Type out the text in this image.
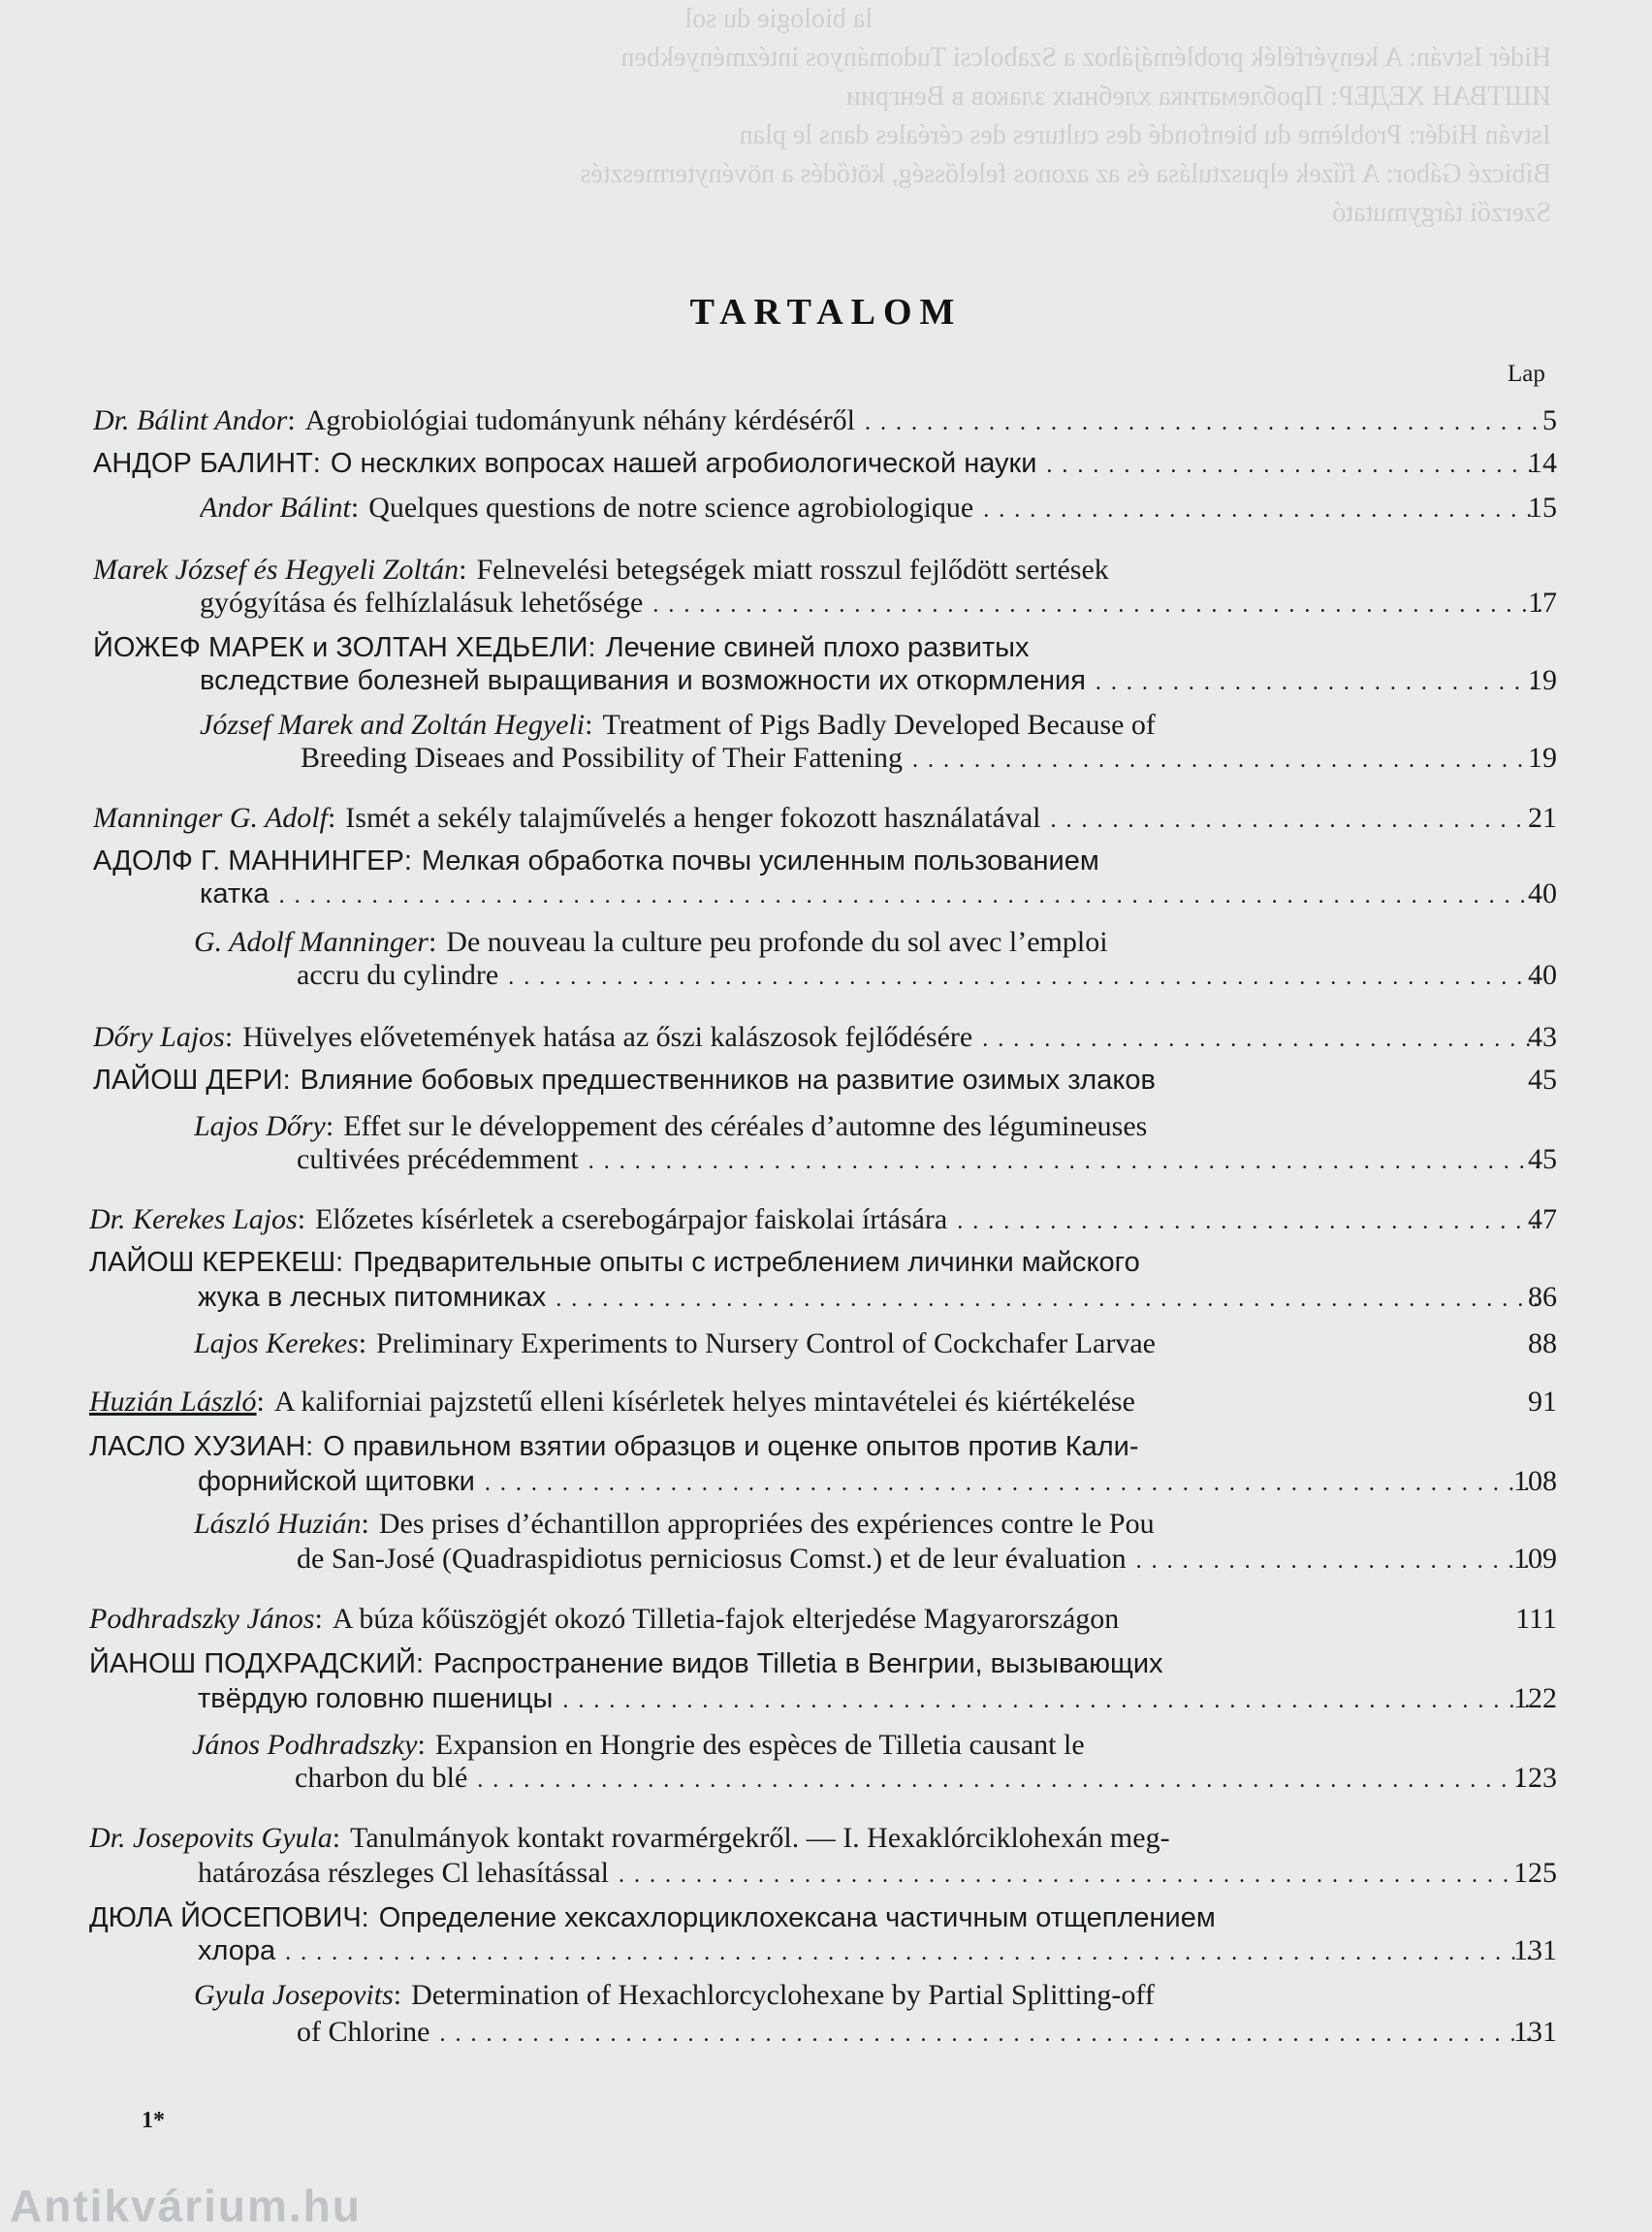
la biologie du sol
Hidér István: A kenyérfélék problémájához a Szabolcsi Tudományos intézményekben
ИШТВАН ХЕДЕР: Проблематика хлебных злаков в Венгрии
István Hidér: Problème du bienfondé des cultures des céréales dans le plan
Bíbiczé Gábor: A fűzek elpusztulása és az azonos felelősség, kötődés a növénytermesztés
Szerzői tárgymutató
TARTALOM
Lap
Dr. Bálint Andor : Agrobiológiai tudományunk néhány kérdéséről . . .	5
АНДОР БАЛИНТ : О несклких вопросах нашей агробиологической науки . . .	14
Andor Bálint : Quelques questions de notre science agrobiologique . . .	15
Marek József és Hegyeli Zoltán : Felnevelési betegségek miatt rosszul fejlődött sertések
gyógyítása és felhízlalásuk lehetősége . . .	17
ЙОЖЕФ МАРЕК и ЗОЛТАН ХЕДЬЕЛИ : Лечение свиней плохо развитых
вследствие болезней выращивания и возможности их откормления . . .	19
József Marek and Zoltán Hegyeli : Treatment of Pigs Badly Developed Because of
Breeding Diseaes and Possibility of Their Fattening . . .	19
Manninger G. Adolf : Ismét a sekély talajművelés a henger fokozott használatával . . .	21
АДОЛФ Г. МАННИНГЕР : Мелкая обработка почвы усиленным пользованием
катка . . .	40
G. Adolf Manninger : De nouveau la culture peu profonde du sol avec l’emploi
accru du cylindre . . .	40
Dőry Lajos : Hüvelyes elővetemények hatása az őszi kalászosok fejlődésére . . .	43
ЛАЙОШ ДЕРИ : Влияние бобовых предшественников на развитие озимых злаков	45
Lajos Dőry : Effet sur le développement des céréales d’automne des légumineuses
cultivées précédemment . . .	45
Dr. Kerekes Lajos : Előzetes kísérletek a cserebogárpajor faiskolai írtására . . .	47
ЛАЙОШ КЕРЕКЕШ : Предварительные опыты с истреблением личинки майского
жука в лесных питомниках . . .	86
Lajos Kerekes : Preliminary Experiments to Nursery Control of Cockchafer Larvae	88
Huzián László : A kaliforniai pajzstetű elleni kísérletek helyes mintavételei és kiértékelése	91
ЛАСЛО ХУЗИАН : О правильном взятии образцов и оценке опытов против Кали-
форнийской щитовки . . .	108
László Huzián : Des prises d’échantillon appropriées des expériences contre le Pou
de San-José (Quadraspidiotus perniciosus Comst.) et de leur évaluation . . .	109
Podhradszky János : A búza kőüszögjét okozó Tilletia-fajok elterjedése Magyarországon	111
ЙАНОШ ПОДХРАДСКИЙ : Распространение видов Tilletia в Венгрии, вызывающих
твёрдую головню пшеницы . . .	122
János Podhradszky : Expansion en Hongrie des espèces de Tilletia causant le
charbon du blé . . .	123
Dr. Josepovits Gyula : Tanulmányok kontakt rovarmérgekről. — I. Hexaklórciklohexán meg-
határozása részleges Cl lehasítással . . .	125
ДЮЛА ЙОСЕПОВИЧ : Определение хексахлорциклохексана частичным отщеплением
хлора . . .	131
Gyula Josepovits : Determination of Hexachlorcyclohexane by Partial Splitting-off
of Chlorine . . .	131
1*
Antikvárium.hu
